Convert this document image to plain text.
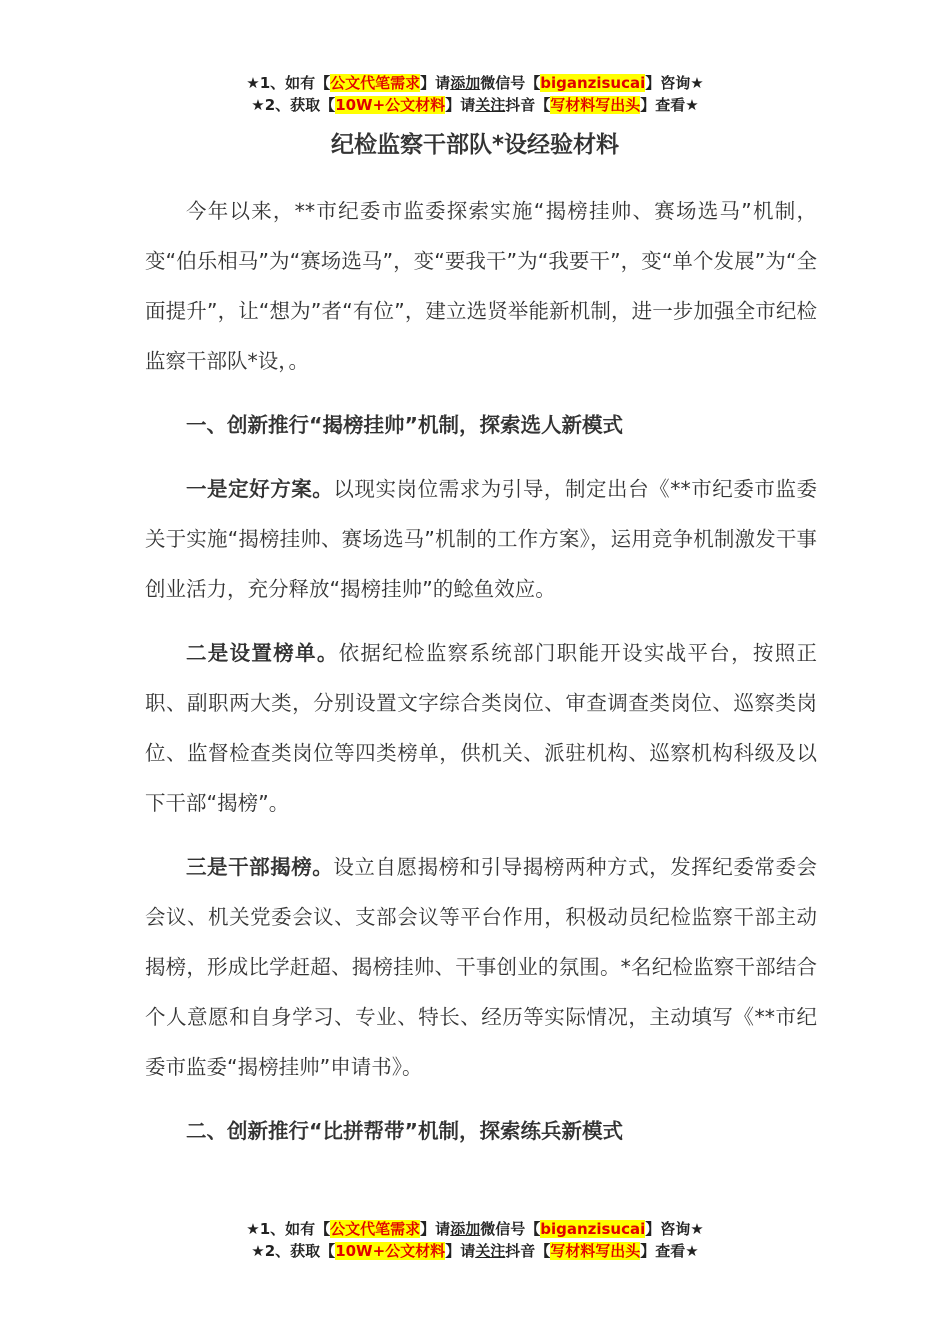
★1、如有【公文代笔需求】请添加微信号【biganzisucai】咨询★
★2、获取【10W+公文材料】请关注抖音【写材料写出头】查看★
纪检监察干部队*设经验材料

今年以来，**市纪委市监委探索实施“揭榜挂帅、赛场选马”机制，变“伯乐相马”为“赛场选马”，变“要我干”为“我要干”，变“单个发展”为“全面提升”，让“想为”者“有位”，建立选贤举能新机制，进一步加强全市纪检监察干部队*设，。

一、创新推行“揭榜挂帅”机制，探索选人新模式

一是定好方案。以现实岗位需求为引导，制定出台《**市纪委市监委关于实施“揭榜挂帅、赛场选马”机制的工作方案》，运用竞争机制激发干事创业活力，充分释放“揭榜挂帅”的鲶鱼效应。

二是设置榜单。依据纪检监察系统部门职能开设实战平台，按照正职、副职两大类，分别设置文字综合类岗位、审查调查类岗位、巡察类岗位、监督检查类岗位等四类榜单，供机关、派驻机构、巡察机构科级及以下干部“揭榜”。

三是干部揭榜。设立自愿揭榜和引导揭榜两种方式，发挥纪委常委会会议、机关党委会议、支部会议等平台作用，积极动员纪检监察干部主动揭榜，形成比学赶超、揭榜挂帅、干事创业的氛围。*名纪检监察干部结合个人意愿和自身学习、专业、特长、经历等实际情况，主动填写《**市纪委市监委“揭榜挂帅”申请书》。

二、创新推行“比拼帮带”机制，探索练兵新模式

★1、如有【公文代笔需求】请添加微信号【biganzisucai】咨询★
★2、获取【10W+公文材料】请关注抖音【写材料写出头】查看★
